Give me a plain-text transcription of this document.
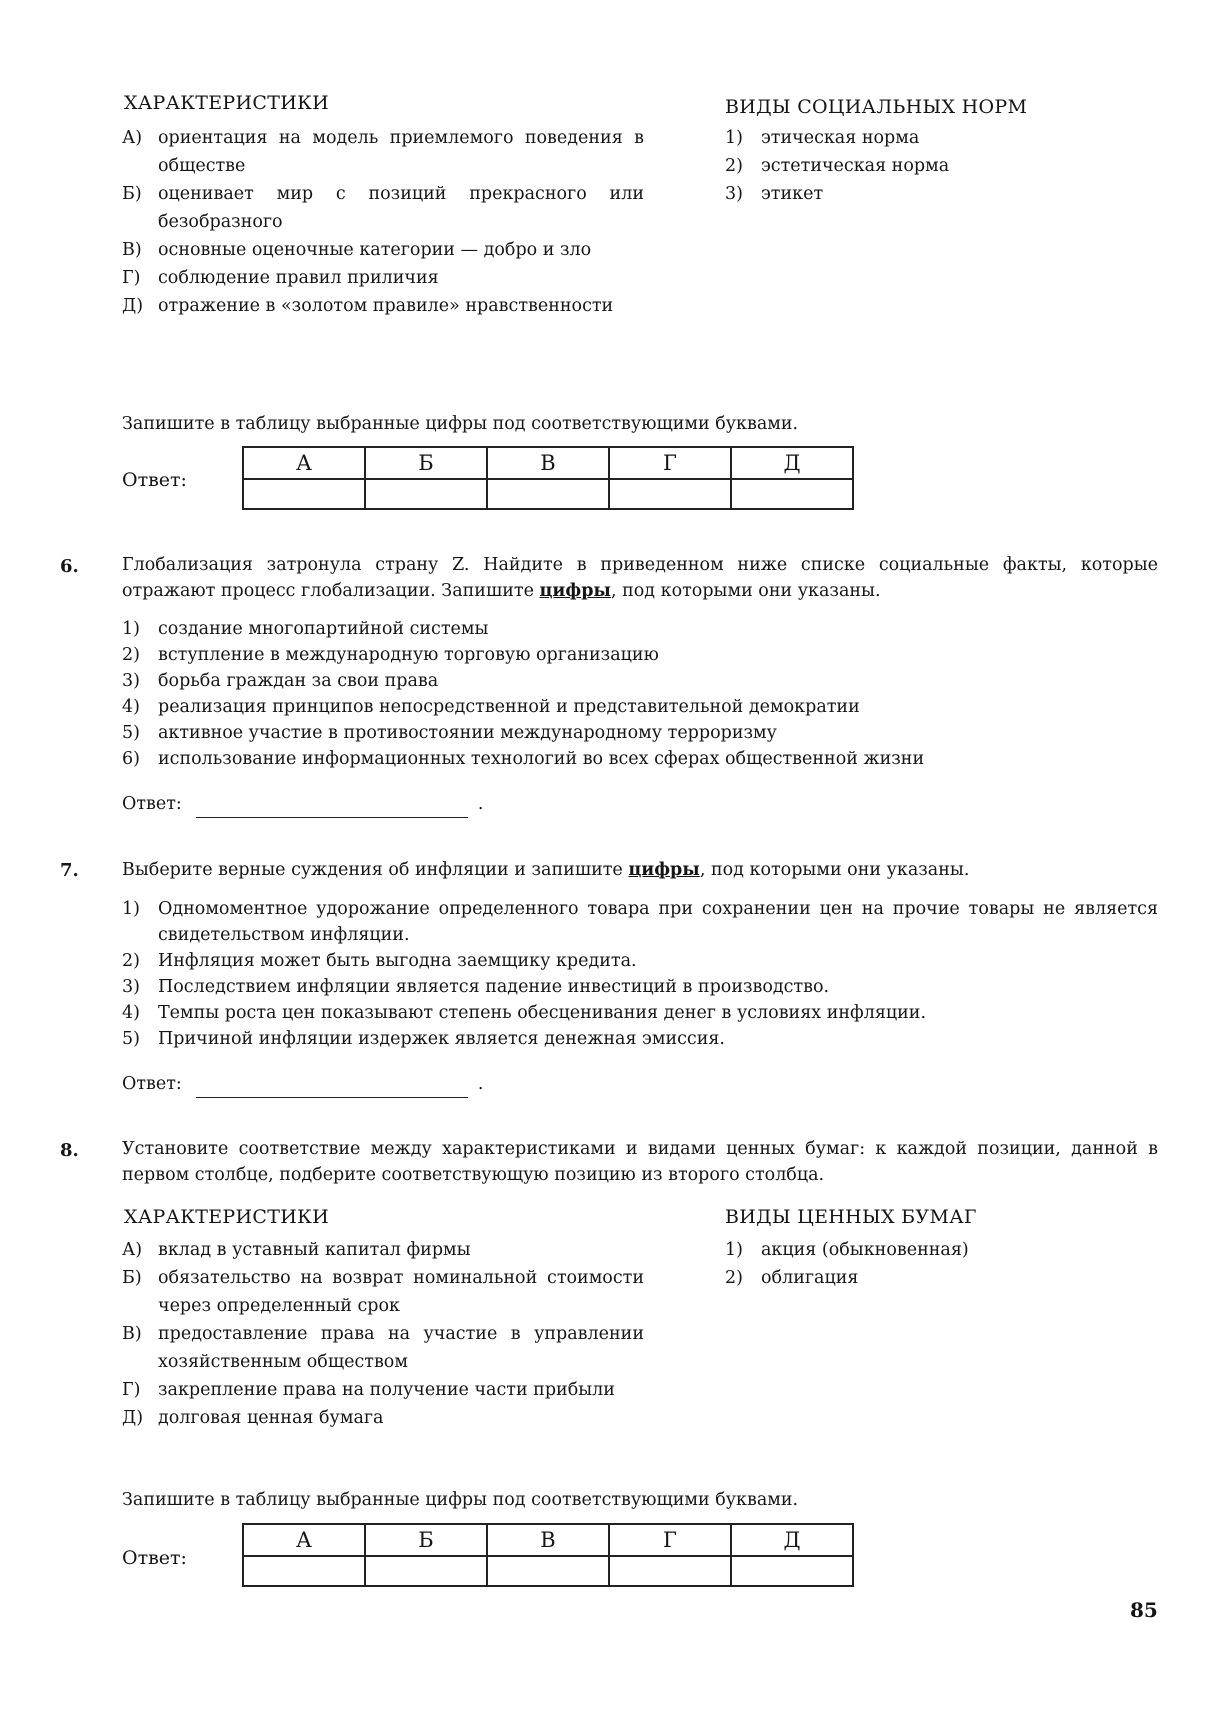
ХАРАКТЕРИСТИКИ	ВИДЫ СОЦИАЛЬНЫХ НОРМ
А) ориентация на модель приемлемого поведения в обществе
Б) оценивает мир с позиций прекрасного или безобразного
В) основные оценочные категории — добро и зло
Г)	соблюдение правил приличия
Д) отражение в «золотом правиле» нравственности
1)	этическая норма
2)	эстетическая норма
3)	этикет
Запишите в таблицу выбранные цифры под соответствующими буквами.
Ответ:
А	Б	В	Г	Д

6. Глобализация затронула страну Z. Найдите в приведенном ниже списке социальные факты, которые отражают процесс глобализации. Запишите цифры, под которыми они указаны.
1)	создание многопартийной системы
2)	вступление в международную торговую организацию
3)	борьба граждан за свои права
4)	реализация принципов непосредственной и представительной демократии
5)	активное участие в противостоянии международному терроризму
6)	использование информационных технологий во всех сферах общественной жизни
Ответ:	.
7. Выберите верные суждения об инфляции и запишите цифры, под которыми они указаны.
1)	Одномоментное удорожание определенного товара при сохранении цен на прочие товары не является свидетельством инфляции.
2)	Инфляция может быть выгодна заемщику кредита.
3)	Последствием инфляции является падение инвестиций в производство.
4)	Темпы роста цен показывают степень обесценивания денег в условиях инфляции.
5)	Причиной инфляции издержек является денежная эмиссия.
Ответ:	.
8. Установите соответствие между характеристиками и видами ценных бумаг: к каждой позиции, данной в первом столбце, подберите соответствующую позицию из второго столбца.
ХАРАКТЕРИСТИКИ	ВИДЫ ЦЕННЫХ БУМАГ
А) вклад в уставный капитал фирмы
Б) обязательство на возврат номинальной стоимости через определенный срок
В) предоставление права на участие в управлении хозяйственным обществом
Г)	закрепление права на получение части прибыли
Д) долговая ценная бумага
1)	акция (обыкновенная)
2)	облигация
Запишите в таблицу выбранные цифры под соответствующими буквами.
Ответ:
А	Б	В	Г	Д

85
